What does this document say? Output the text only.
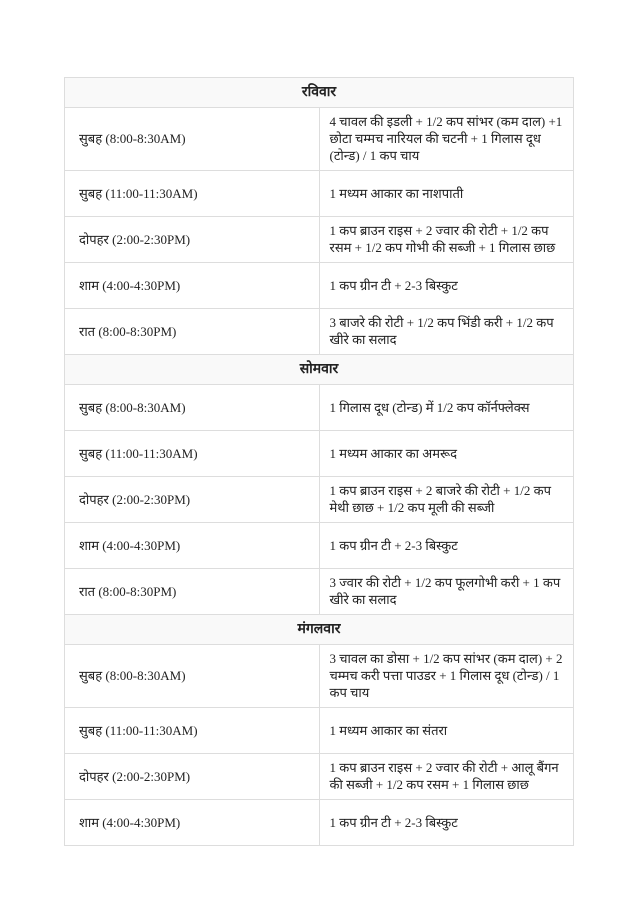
रविवार	
सुबह (8:00-8:30AM)	4 चावल की इडली + 1/2 कप सांभर (कम दाल) +1 छोटा चम्मच नारियल की चटनी + 1 गिलास दूध (टोन्ड) / 1 कप चाय
सुबह (11:00-11:30AM)	1 मध्यम आकार का नाशपाती
दोपहर (2:00-2:30PM)	1 कप ब्राउन राइस + 2 ज्वार की रोटी + 1/2 कप रसम + 1/2 कप गोभी की सब्जी + 1 गिलास छाछ
शाम (4:00-4:30PM)	1 कप ग्रीन टी + 2-3 बिस्कुट
रात (8:00-8:30PM)	3 बाजरे की रोटी + 1/2 कप भिंडी करी + 1/2 कप खीरे का सलाद
सोमवार	
सुबह (8:00-8:30AM)	1 गिलास दूध (टोन्ड) में 1/2 कप कॉर्नफ्लेक्स
सुबह (11:00-11:30AM)	1 मध्यम आकार का अमरूद
दोपहर (2:00-2:30PM)	1 कप ब्राउन राइस + 2 बाजरे की रोटी + 1/2 कप मेथी छाछ + 1/2 कप मूली की सब्जी
शाम (4:00-4:30PM)	1 कप ग्रीन टी + 2-3 बिस्कुट
रात (8:00-8:30PM)	3 ज्वार की रोटी + 1/2 कप फूलगोभी करी + 1 कप खीरे का सलाद
मंगलवार	
सुबह (8:00-8:30AM)	3 चावल का डोसा + 1/2 कप सांभर (कम दाल) + 2 चम्मच करी पत्ता पाउडर + 1 गिलास दूध (टोन्ड) / 1 कप चाय
सुबह (11:00-11:30AM)	1 मध्यम आकार का संतरा
दोपहर (2:00-2:30PM)	1 कप ब्राउन राइस + 2 ज्वार की रोटी + आलू बैंगन की सब्जी + 1/2 कप रसम + 1 गिलास छाछ
शाम (4:00-4:30PM)	1 कप ग्रीन टी + 2-3 बिस्कुट
